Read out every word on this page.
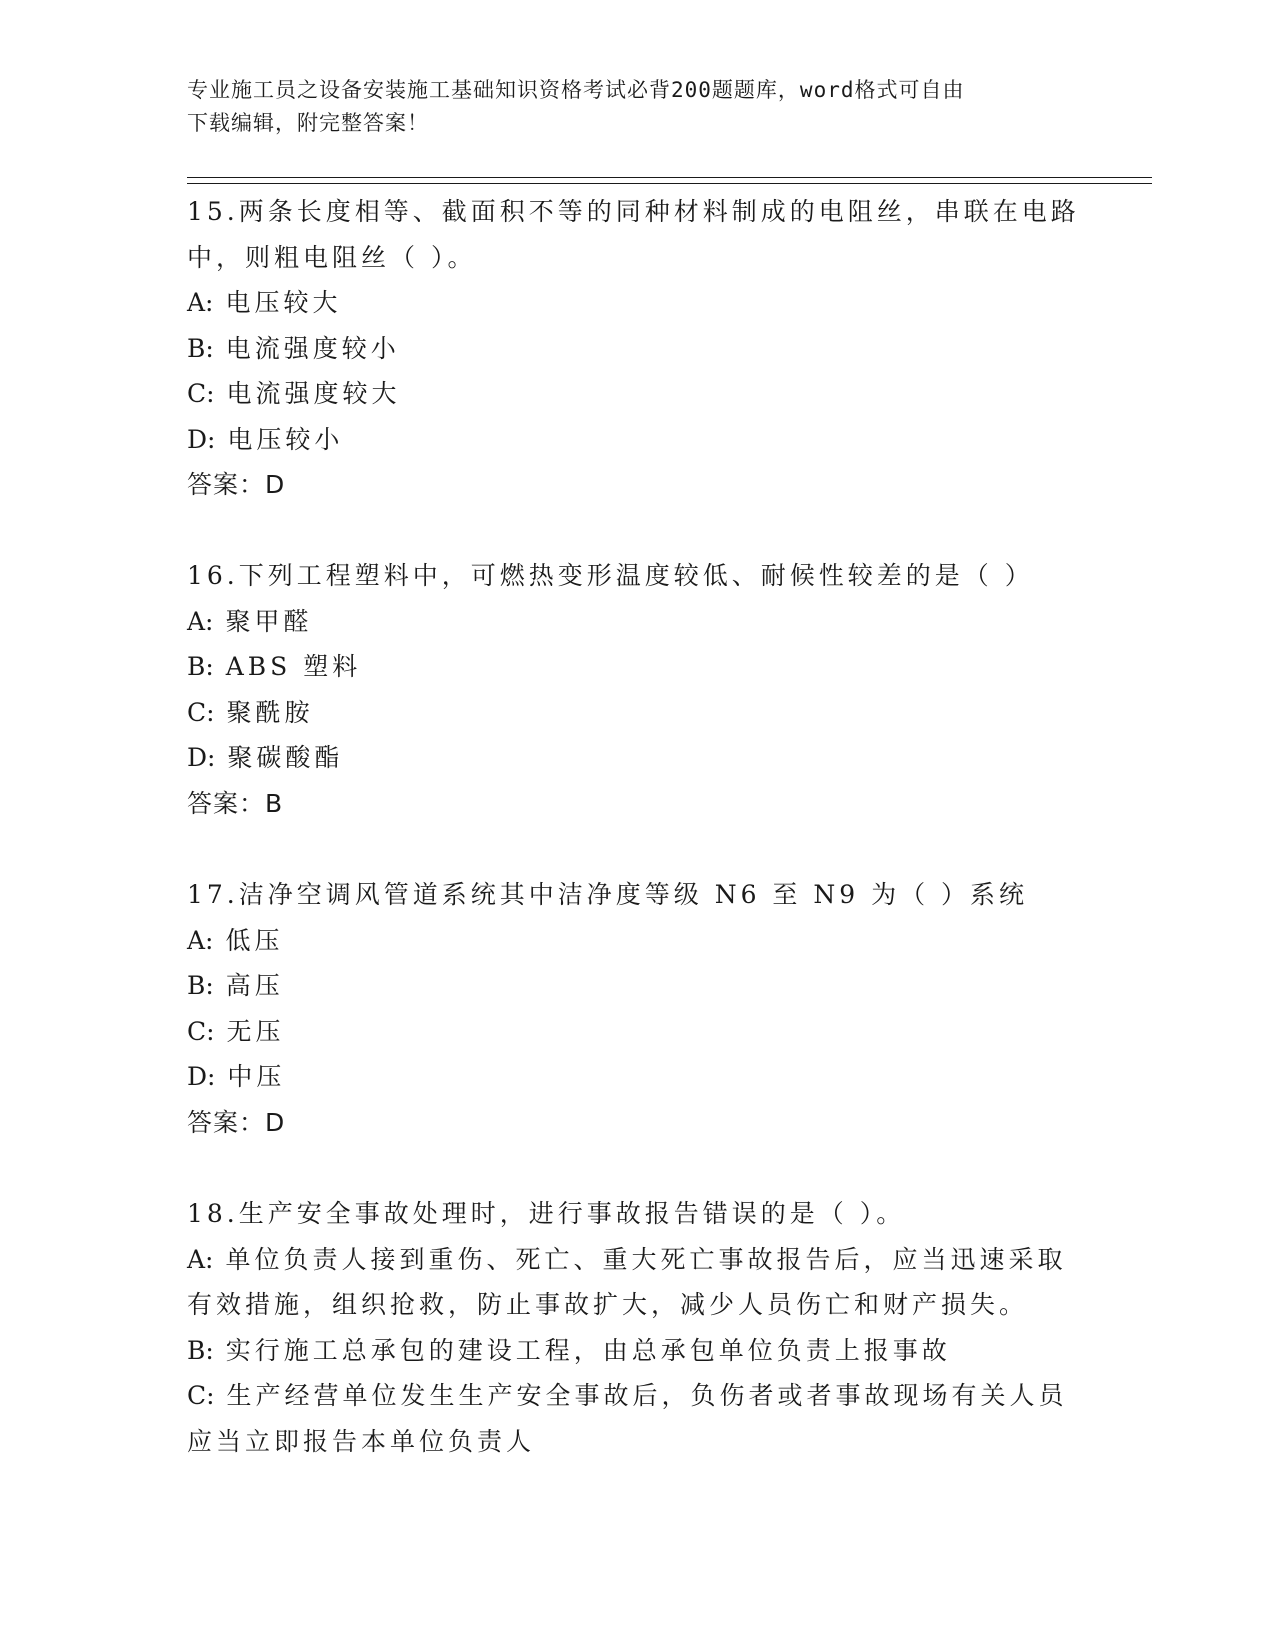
专业施工员之设备安装施工基础知识资格考试必背200题题库，word格式可自由
下载编辑，附完整答案！

15.两条长度相等、截面积不等的同种材料制成的电阻丝，串联在电路

中，则粗电阻丝（ ）。

A: 电压较大

B: 电流强度较小

C: 电流强度较大

D: 电压较小

答案：D

16.下列工程塑料中，可燃热变形温度较低、耐候性较差的是（ ）

A: 聚甲醛

B: ABS 塑料

C: 聚酰胺

D: 聚碳酸酯

答案：B

17.洁净空调风管道系统其中洁净度等级 N6 至 N9 为（ ）系统

A: 低压

B: 高压

C: 无压

D: 中压

答案：D

18.生产安全事故处理时，进行事故报告错误的是（ ）。

A: 单位负责人接到重伤、死亡、重大死亡事故报告后，应当迅速采取

有效措施，组织抢救，防止事故扩大，减少人员伤亡和财产损失。

B: 实行施工总承包的建设工程，由总承包单位负责上报事故

C: 生产经营单位发生生产安全事故后，负伤者或者事故现场有关人员

应当立即报告本单位负责人
